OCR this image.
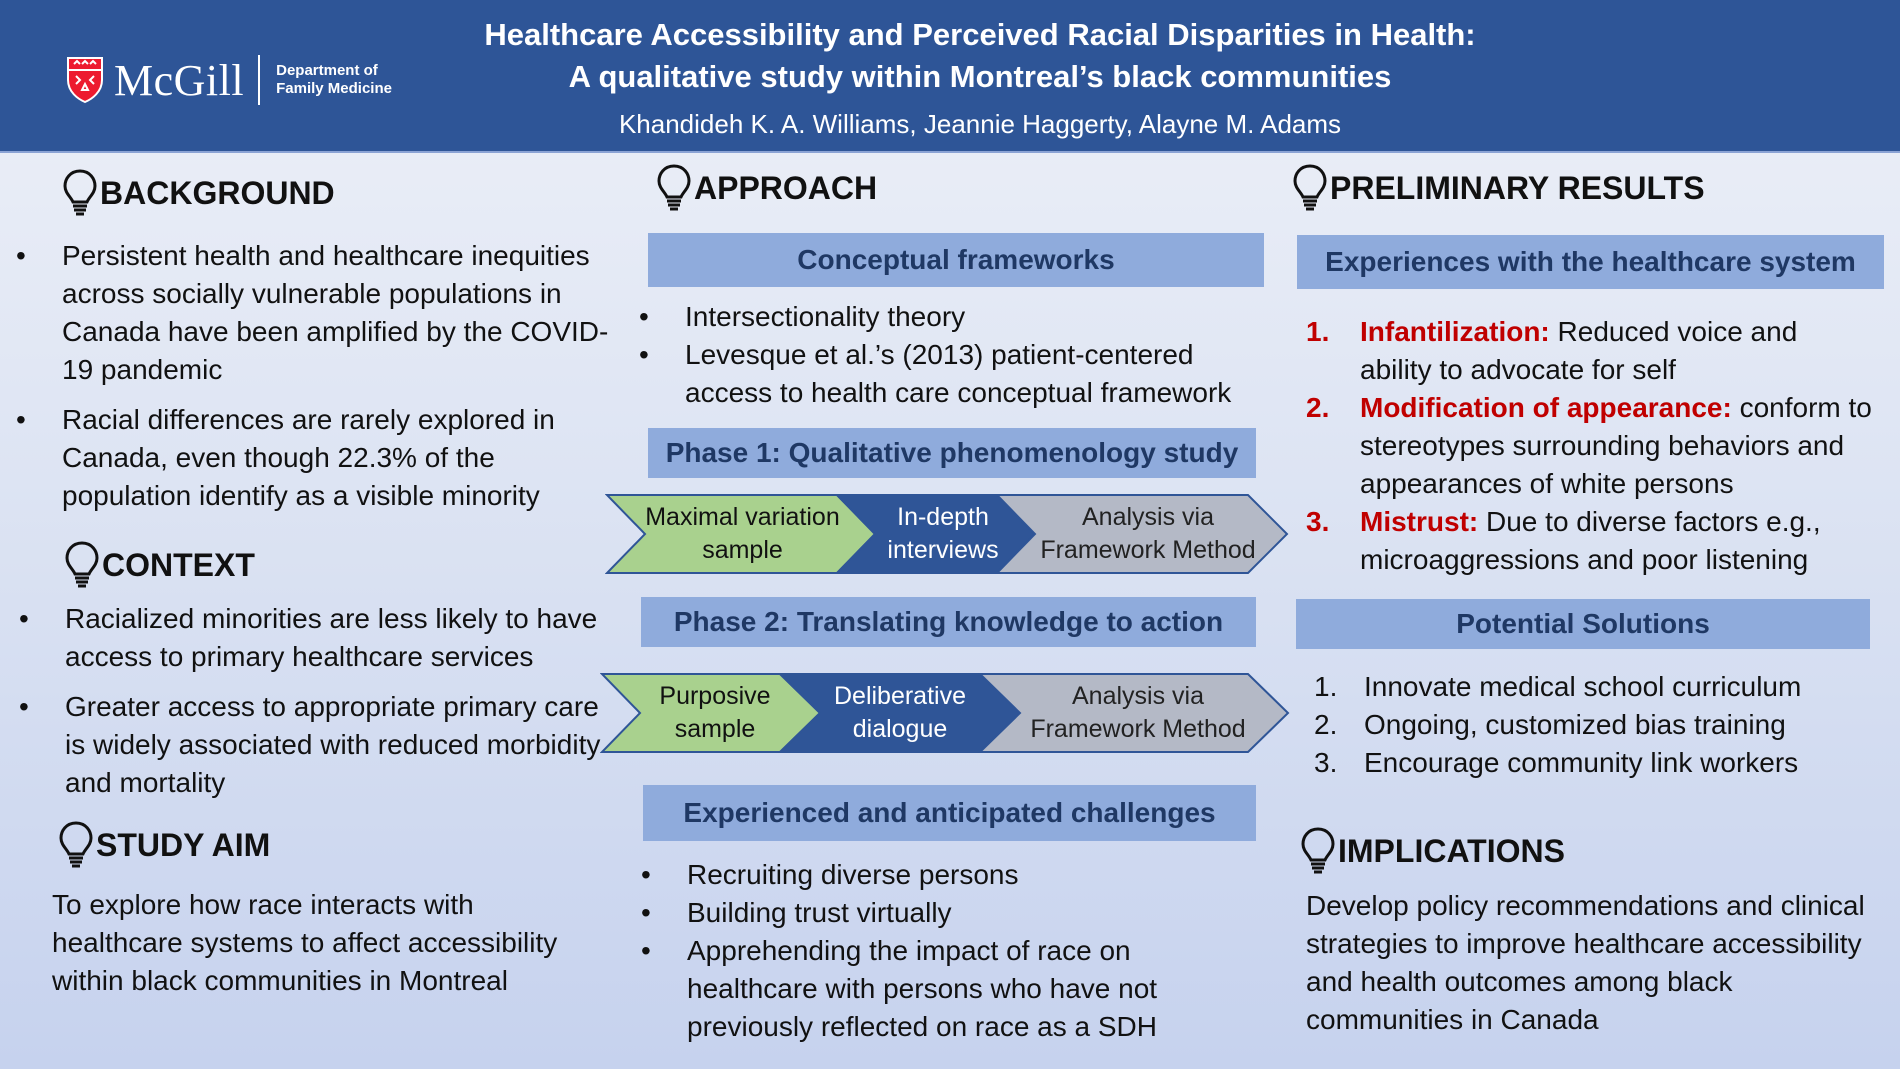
McGill Department of
Family Medicine
Healthcare Accessibility and Perceived Racial Disparities in Health:
A qualitative study within Montreal’s black communities
Khandideh K. A. Williams, Jeannie Haggerty, Alayne M. Adams
BACKGROUND
• Persistent health and healthcare inequities across socially vulnerable populations in Canada have been amplified by the COVID-19 pandemic
• Racial differences are rarely explored in Canada, even though 22.3% of the population identify as a visible minority
CONTEXT
• Racialized minorities are less likely to have access to primary healthcare services
• Greater access to appropriate primary care is widely associated with reduced morbidity and mortality
STUDY AIM
To explore how race interacts with healthcare systems to affect accessibility within black communities in Montreal
APPROACH
Conceptual frameworks
• Intersectionality theory
• Levesque et al.’s (2013) patient-centered access to health care conceptual framework
Phase 1: Qualitative phenomenology study
Maximal variation sample
In-depth interviews
Analysis via Framework Method
Phase 2: Translating knowledge to action
Purposive sample
Deliberative dialogue
Analysis via Framework Method
Experienced and anticipated challenges
• Recruiting diverse persons
• Building trust virtually
• Apprehending the impact of race on healthcare with persons who have not previously reflected on race as a SDH
PRELIMINARY RESULTS
Experiences with the healthcare system
1. Infantilization: Reduced voice and ability to advocate for self
2. Modification of appearance: conform to stereotypes surrounding behaviors and appearances of white persons
3. Mistrust: Due to diverse factors e.g., microaggressions and poor listening
Potential Solutions
1. Innovate medical school curriculum
2. Ongoing, customized bias training
3. Encourage community link workers
IMPLICATIONS
Develop policy recommendations and clinical strategies to improve healthcare accessibility and health outcomes among black communities in Canada
